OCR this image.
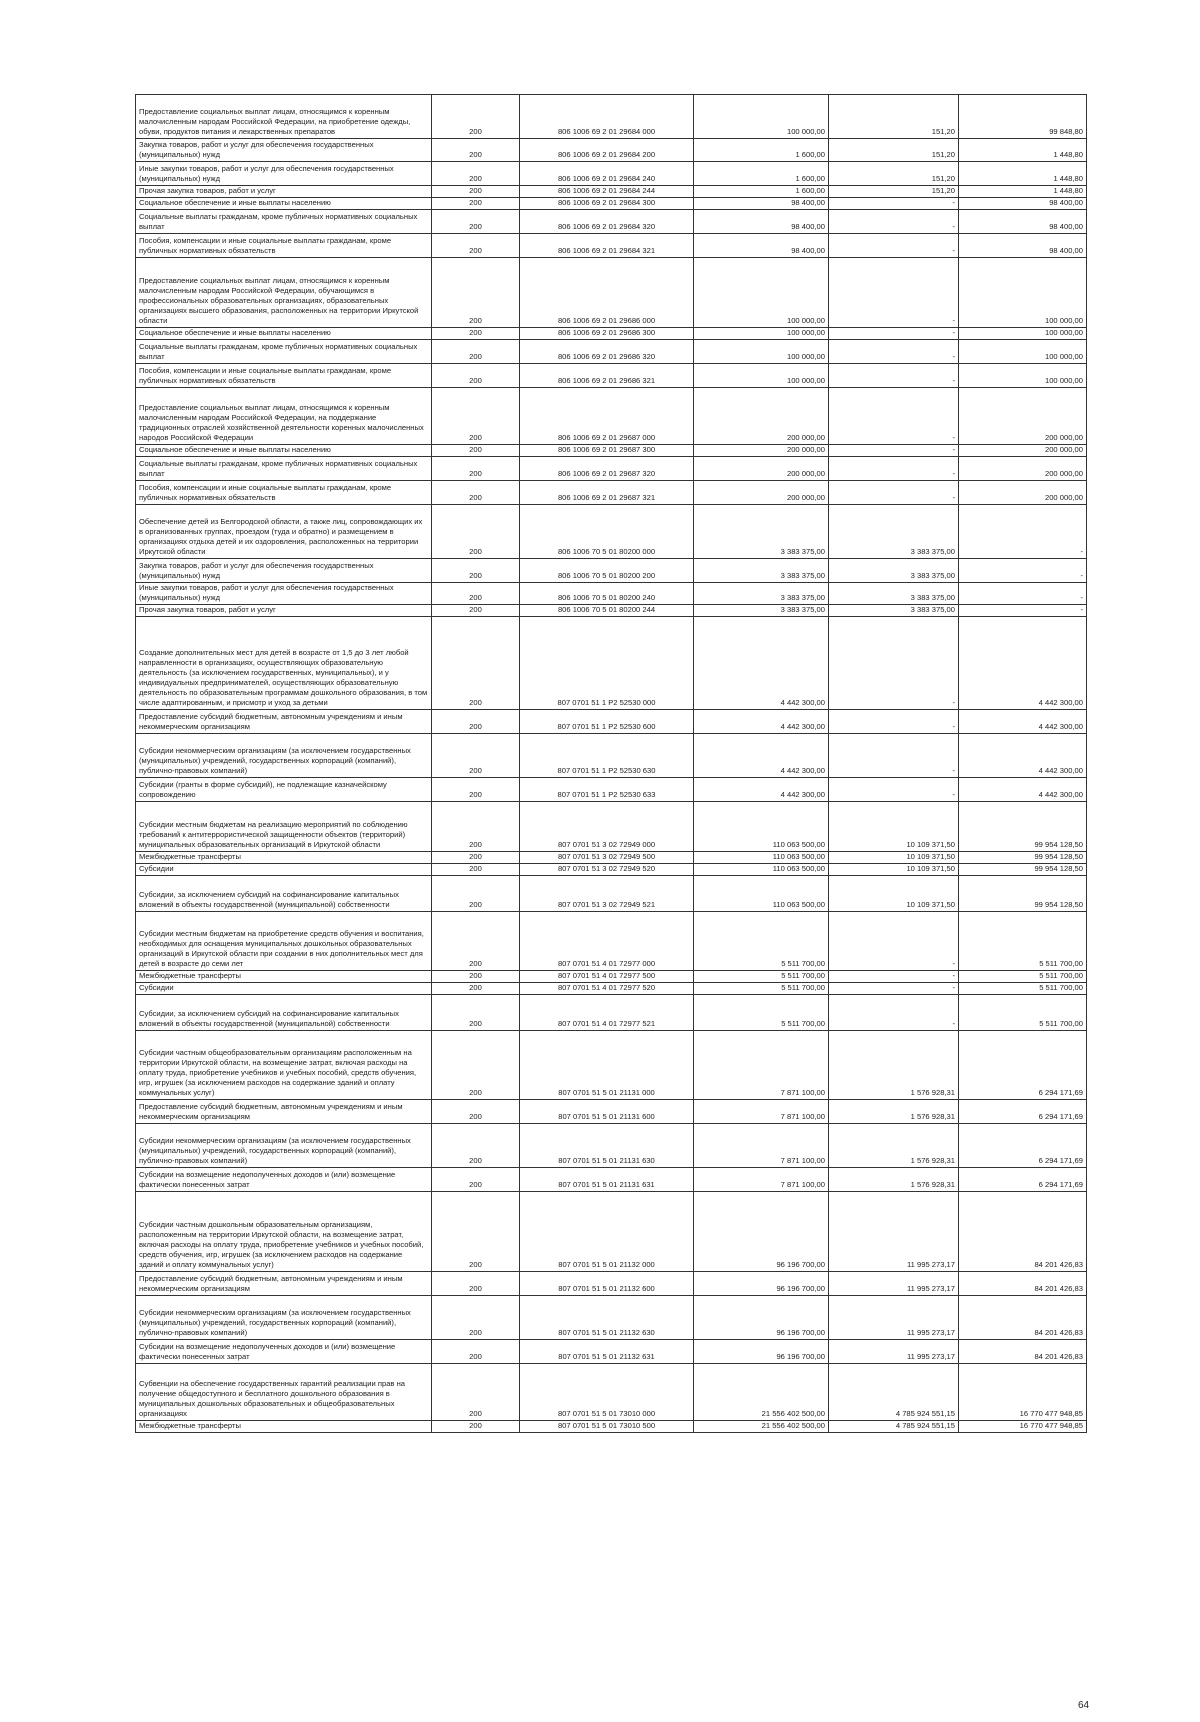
Предоставление социальных выплат лицам, относящимся к коренным малочисленным народам Российской Федерации, на приобретение одежды, обуви, продуктов питания и лекарственных препаратов	200	806 1006 69 2 01 29684 000	100 000,00	151,20	99 848,80
Закупка товаров, работ и услуг для обеспечения государственных (муниципальных) нужд	200	806 1006 69 2 01 29684 200	1 600,00	151,20	1 448,80
Иные закупки товаров, работ и услуг для обеспечения государственных (муниципальных) нужд	200	806 1006 69 2 01 29684 240	1 600,00	151,20	1 448,80
Прочая закупка товаров, работ и услуг	200	806 1006 69 2 01 29684 244	1 600,00	151,20	1 448,80
Социальное обеспечение и иные выплаты населению	200	806 1006 69 2 01 29684 300	98 400,00	-	98 400,00
Социальные выплаты гражданам, кроме публичных нормативных социальных выплат	200	806 1006 69 2 01 29684 320	98 400,00	-	98 400,00
Пособия, компенсации и иные социальные выплаты гражданам, кроме публичных нормативных обязательств	200	806 1006 69 2 01 29684 321	98 400,00	-	98 400,00
Предоставление социальных выплат лицам, относящимся к коренным малочисленным народам Российской Федерации, обучающимся в профессиональных образовательных организациях, образовательных организациях высшего образования, расположенных на территории Иркутской области	200	806 1006 69 2 01 29686 000	100 000,00	-	100 000,00
Социальное обеспечение и иные выплаты населению	200	806 1006 69 2 01 29686 300	100 000,00	-	100 000,00
Социальные выплаты гражданам, кроме публичных нормативных социальных выплат	200	806 1006 69 2 01 29686 320	100 000,00	-	100 000,00
Пособия, компенсации и иные социальные выплаты гражданам, кроме публичных нормативных обязательств	200	806 1006 69 2 01 29686 321	100 000,00	-	100 000,00
Предоставление социальных выплат лицам, относящимся к коренным малочисленным народам Российской Федерации, на поддержание традиционных отраслей хозяйственной деятельности коренных малочисленных народов Российской Федерации	200	806 1006 69 2 01 29687 000	200 000,00	-	200 000,00
Социальное обеспечение и иные выплаты населению	200	806 1006 69 2 01 29687 300	200 000,00	-	200 000,00
Социальные выплаты гражданам, кроме публичных нормативных социальных выплат	200	806 1006 69 2 01 29687 320	200 000,00	-	200 000,00
Пособия, компенсации и иные социальные выплаты гражданам, кроме публичных нормативных обязательств	200	806 1006 69 2 01 29687 321	200 000,00	-	200 000,00
Обеспечение детей из Белгородской области, а также лиц, сопровождающих их в организованных группах, проездом (туда и обратно) и размещением в организациях отдыха детей и их оздоровления, расположенных на территории Иркутской области	200	806 1006 70 5 01 80200 000	3 383 375,00	3 383 375,00	-
Закупка товаров, работ и услуг для обеспечения государственных (муниципальных) нужд	200	806 1006 70 5 01 80200 200	3 383 375,00	3 383 375,00	-
Иные закупки товаров, работ и услуг для обеспечения государственных (муниципальных) нужд	200	806 1006 70 5 01 80200 240	3 383 375,00	3 383 375,00	-
Прочая закупка товаров, работ и услуг	200	806 1006 70 5 01 80200 244	3 383 375,00	3 383 375,00	-
Создание дополнительных мест для детей в возрасте от 1,5 до 3 лет любой направленности в организациях, осуществляющих образовательную деятельность (за исключением государственных, муниципальных), и у индивидуальных предпринимателей, осуществляющих образовательную деятельность по образовательным программам дошкольного образования, в том числе адаптированным, и присмотр и уход за детьми	200	807 0701 51 1 P2 52530 000	4 442 300,00	-	4 442 300,00
Предоставление субсидий бюджетным, автономным учреждениям и иным некоммерческим организациям	200	807 0701 51 1 P2 52530 600	4 442 300,00	-	4 442 300,00
Субсидии некоммерческим организациям (за исключением государственных (муниципальных) учреждений, государственных корпораций (компаний), публично-правовых компаний)	200	807 0701 51 1 P2 52530 630	4 442 300,00	-	4 442 300,00
Субсидии (гранты в форме субсидий), не подлежащие казначейскому сопровождению	200	807 0701 51 1 P2 52530 633	4 442 300,00	-	4 442 300,00
Субсидии местным бюджетам на реализацию мероприятий по соблюдению требований к антитеррористической защищенности объектов (территорий) муниципальных образовательных организаций в Иркутской области	200	807 0701 51 3 02 72949 000	110 063 500,00	10 109 371,50	99 954 128,50
Межбюджетные трансферты	200	807 0701 51 3 02 72949 500	110 063 500,00	10 109 371,50	99 954 128,50
Субсидии	200	807 0701 51 3 02 72949 520	110 063 500,00	10 109 371,50	99 954 128,50
Субсидии, за исключением субсидий на софинансирование капитальных вложений в объекты государственной (муниципальной) собственности	200	807 0701 51 3 02 72949 521	110 063 500,00	10 109 371,50	99 954 128,50
Субсидии местным бюджетам на приобретение средств обучения и воспитания, необходимых для оснащения муниципальных дошкольных образовательных организаций в Иркутской области при создании в них дополнительных мест для детей в возрасте до семи лет	200	807 0701 51 4 01 72977 000	5 511 700,00	-	5 511 700,00
Межбюджетные трансферты	200	807 0701 51 4 01 72977 500	5 511 700,00	-	5 511 700,00
Субсидии	200	807 0701 51 4 01 72977 520	5 511 700,00	-	5 511 700,00
Субсидии, за исключением субсидий на софинансирование капитальных вложений в объекты государственной (муниципальной) собственности	200	807 0701 51 4 01 72977 521	5 511 700,00	-	5 511 700,00
Субсидии частным общеобразовательным организациям расположенным на территории Иркутской области, на возмещение затрат, включая расходы на оплату труда, приобретение учебников и учебных пособий, средств обучения, игр, игрушек (за исключением расходов на содержание зданий и оплату коммунальных услуг)	200	807 0701 51 5 01 21131 000	7 871 100,00	1 576 928,31	6 294 171,69
Предоставление субсидий бюджетным, автономным учреждениям и иным некоммерческим организациям	200	807 0701 51 5 01 21131 600	7 871 100,00	1 576 928,31	6 294 171,69
Субсидии некоммерческим организациям (за исключением государственных (муниципальных) учреждений, государственных корпораций (компаний), публично-правовых компаний)	200	807 0701 51 5 01 21131 630	7 871 100,00	1 576 928,31	6 294 171,69
Субсидии на возмещение недополученных доходов и (или) возмещение фактически понесенных затрат	200	807 0701 51 5 01 21131 631	7 871 100,00	1 576 928,31	6 294 171,69
Субсидии частным дошкольным образовательным организациям, расположенным на территории Иркутской области, на возмещение затрат, включая расходы на оплату труда, приобретение учебников и учебных пособий, средств обучения, игр, игрушек (за исключением расходов на содержание зданий и оплату коммунальных услуг)	200	807 0701 51 5 01 21132 000	96 196 700,00	11 995 273,17	84 201 426,83
Предоставление субсидий бюджетным, автономным учреждениям и иным некоммерческим организациям	200	807 0701 51 5 01 21132 600	96 196 700,00	11 995 273,17	84 201 426,83
Субсидии некоммерческим организациям (за исключением государственных (муниципальных) учреждений, государственных корпораций (компаний), публично-правовых компаний)	200	807 0701 51 5 01 21132 630	96 196 700,00	11 995 273,17	84 201 426,83
Субсидии на возмещение недополученных доходов и (или) возмещение фактически понесенных затрат	200	807 0701 51 5 01 21132 631	96 196 700,00	11 995 273,17	84 201 426,83
Субвенции на обеспечение государственных гарантий реализации прав на получение общедоступного и бесплатного дошкольного образования в муниципальных дошкольных образовательных и общеобразовательных организациях	200	807 0701 51 5 01 73010 000	21 556 402 500,00	4 785 924 551,15	16 770 477 948,85
Межбюджетные трансферты	200	807 0701 51 5 01 73010 500	21 556 402 500,00	4 785 924 551,15	16 770 477 948,85
64
